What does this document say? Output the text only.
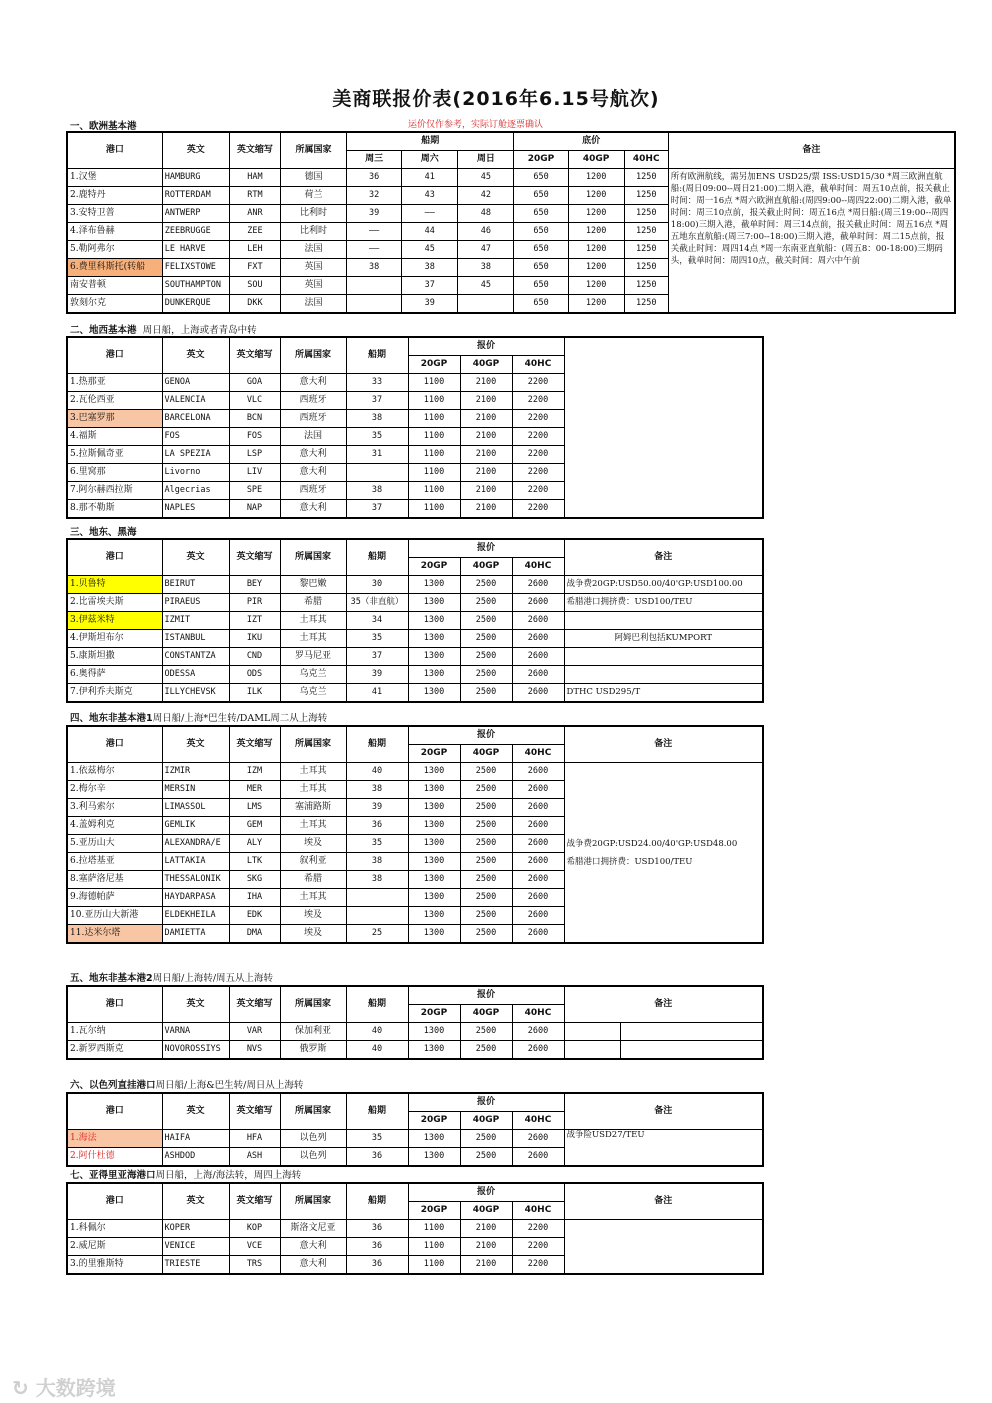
美商联报价表(2016年6.15号航次)
运价仅作参考，实际订舱逐票确认
一、欧洲基本港
港口	英文	英文缩写	所属国家	船期			底价			备注
				周三	周六	周日	20GP	40GP	40HC	
1.汉堡	HAMBURG	HAM	德国	36	41	45	650	1200	1250	所有欧洲航线，需另加ENS USD25/票 ISS:USD15/30 *周三欧洲直航船:(周日09:00--周日21:00)二期入港，截单时间：周五10点前，报关截止时间：周一16点 *周六欧洲直航船:(周四9:00--周四22:00)二期入港，截单时间：周三10点前，报关截止时间：周五16点 *周日船:(周三19:00--周四18:00)三期入港，截单时间：周三14点前，报关截止时间：周五16点 *周五地东直航船:(周三7:00--18:00)三期入港，截单时间：周二15点前，报关截止时间：周四14点 *周一东南亚直航船：(周五8：00-18:00)三期码头，截单时间：周四10点，截关时间：周六中午前
2.鹿特丹	ROTTERDAM	RTM	荷兰	32	43	42	650	1200	1250	
3.安特卫普	ANTWERP	ANR	比利时	39	——	48	650	1200	1250	
4.泽布鲁赫	ZEEBRUGGE	ZEE	比利时	——	44	46	650	1200	1250	
5.勒阿弗尔	LE HARVE	LEH	法国	——	45	47	650	1200	1250	
6.费里科斯托(转船	FELIXSTOWE	FXT	英国	38	38	38	650	1200	1250	
南安普顿	SOUTHAMPTON	SOU	英国		37	45	650	1200	1250	
敦刻尔克	DUNKERQUE	DKK	法国		39		650	1200	1250	
二、地西基本港 周日船，上海或者青岛中转
港口	英文	英文缩写	所属国家	船期	报价			
					20GP	40GP	40HC	
1.热那亚	GENOA	GOA	意大利	33	1100	2100	2200	
2.瓦伦西亚	VALENCIA	VLC	西班牙	37	1100	2100	2200	
3.巴塞罗那	BARCELONA	BCN	西班牙	38	1100	2100	2200	
4.福斯	FOS	FOS	法国	35	1100	2100	2200	
5.拉斯佩奇亚	LA SPEZIA	LSP	意大利	31	1100	2100	2200	
6.里窝那	Livorno	LIV	意大利		1100	2100	2200	
7.阿尔赫西拉斯	Algecrias	SPE	西班牙	38	1100	2100	2200	
8.那不勒斯	NAPLES	NAP	意大利	37	1100	2100	2200	
三、地东、黑海
港口	英文	英文缩写	所属国家	船期	报价			备注
					20GP	40GP	40HC	
1.贝鲁特	BEIRUT	BEY	黎巴嫩	30	1300	2500	2600	战争费20GP:USD50.00/40'GP:USD100.00
2.比雷埃夫斯	PIRAEUS	PIR	希腊	35（非直航）	1300	2500	2600	希腊港口拥挤费：USD100/TEU
3.伊兹米特	IZMIT	IZT	土耳其	34	1300	2500	2600	
4.伊斯坦布尔	ISTANBUL	IKU	土耳其	35	1300	2500	2600	阿姆巴利包括KUMPORT
5.康斯坦撒	CONSTANTZA	CND	罗马尼亚	37	1300	2500	2600	
6.奥得萨	ODESSA	ODS	乌克兰	39	1300	2500	2600	
7.伊利乔夫斯克	ILLYCHEVSK	ILK	乌克兰	41	1300	2500	2600	DTHC USD295/T
四、地东非基本港1周日船/上海*巴生转/DAML周二从上海转
港口	英文	英文缩写	所属国家	船期	报价			备注
					20GP	40GP	40HC	
1.依兹梅尔	IZMIR	IZM	土耳其	40	1300	2500	2600	战争费20GP:USD24.00/40'GP:USD48.00
希腊港口拥挤费：USD100/TEU

2.梅尔辛	MERSIN	MER	土耳其	38	1300	2500	2600	
3.利马索尔	LIMASSOL	LMS	塞浦路斯	39	1300	2500	2600	
4.盖姆利克	GEMLIK	GEM	土耳其	36	1300	2500	2600	
5.亚历山大	ALEXANDRA/E	ALY	埃及	35	1300	2500	2600	
6.拉塔基亚	LATTAKIA	LTK	叙利亚	38	1300	2500	2600	
8.塞萨洛尼基	THESSALONIK	SKG	希腊	38	1300	2500	2600	
9.海德帕萨	HAYDARPASA	IHA	土耳其		1300	2500	2600	
10.亚历山大新港	ELDEKHEILA	EDK	埃及		1300	2500	2600	
11.达米尔塔	DAMIETTA	DMA	埃及	25	1300	2500	2600	
五、地东非基本港2周日船/上海转/周五从上海转
港口	英文	英文缩写	所属国家	船期	报价			备注	
					20GP	40GP	40HC		
1.瓦尔纳	VARNA	VAR	保加利亚	40	1300	2500	2600		
2.新罗西斯克	NOVOROSSIYS	NVS	俄罗斯	40	1300	2500	2600		
六、以色列直挂港口周日船/上海&巴生转/周日从上海转
港口	英文	英文缩写	所属国家	船期	报价			备注
					20GP	40GP	40HC	
1.海法	HAIFA	HFA	以色列	35	1300	2500	2600	战争险USD27/TEU
2.阿什杜德	ASHDOD	ASH	以色列	36	1300	2500	2600	
七、亚得里亚海港口周日船，上海/海法转，周四上海转
港口	英文	英文缩写	所属国家	船期	报价			备注
					20GP	40GP	40HC	
1.科佩尔	KOPER	KOP	斯洛文尼亚	36	1100	2100	2200	
2.威尼斯	VENICE	VCE	意大利	36	1100	2100	2200	
3.的里雅斯特	TRIESTE	TRS	意大利	36	1100	2100	2200	
↻ 大数跨境
